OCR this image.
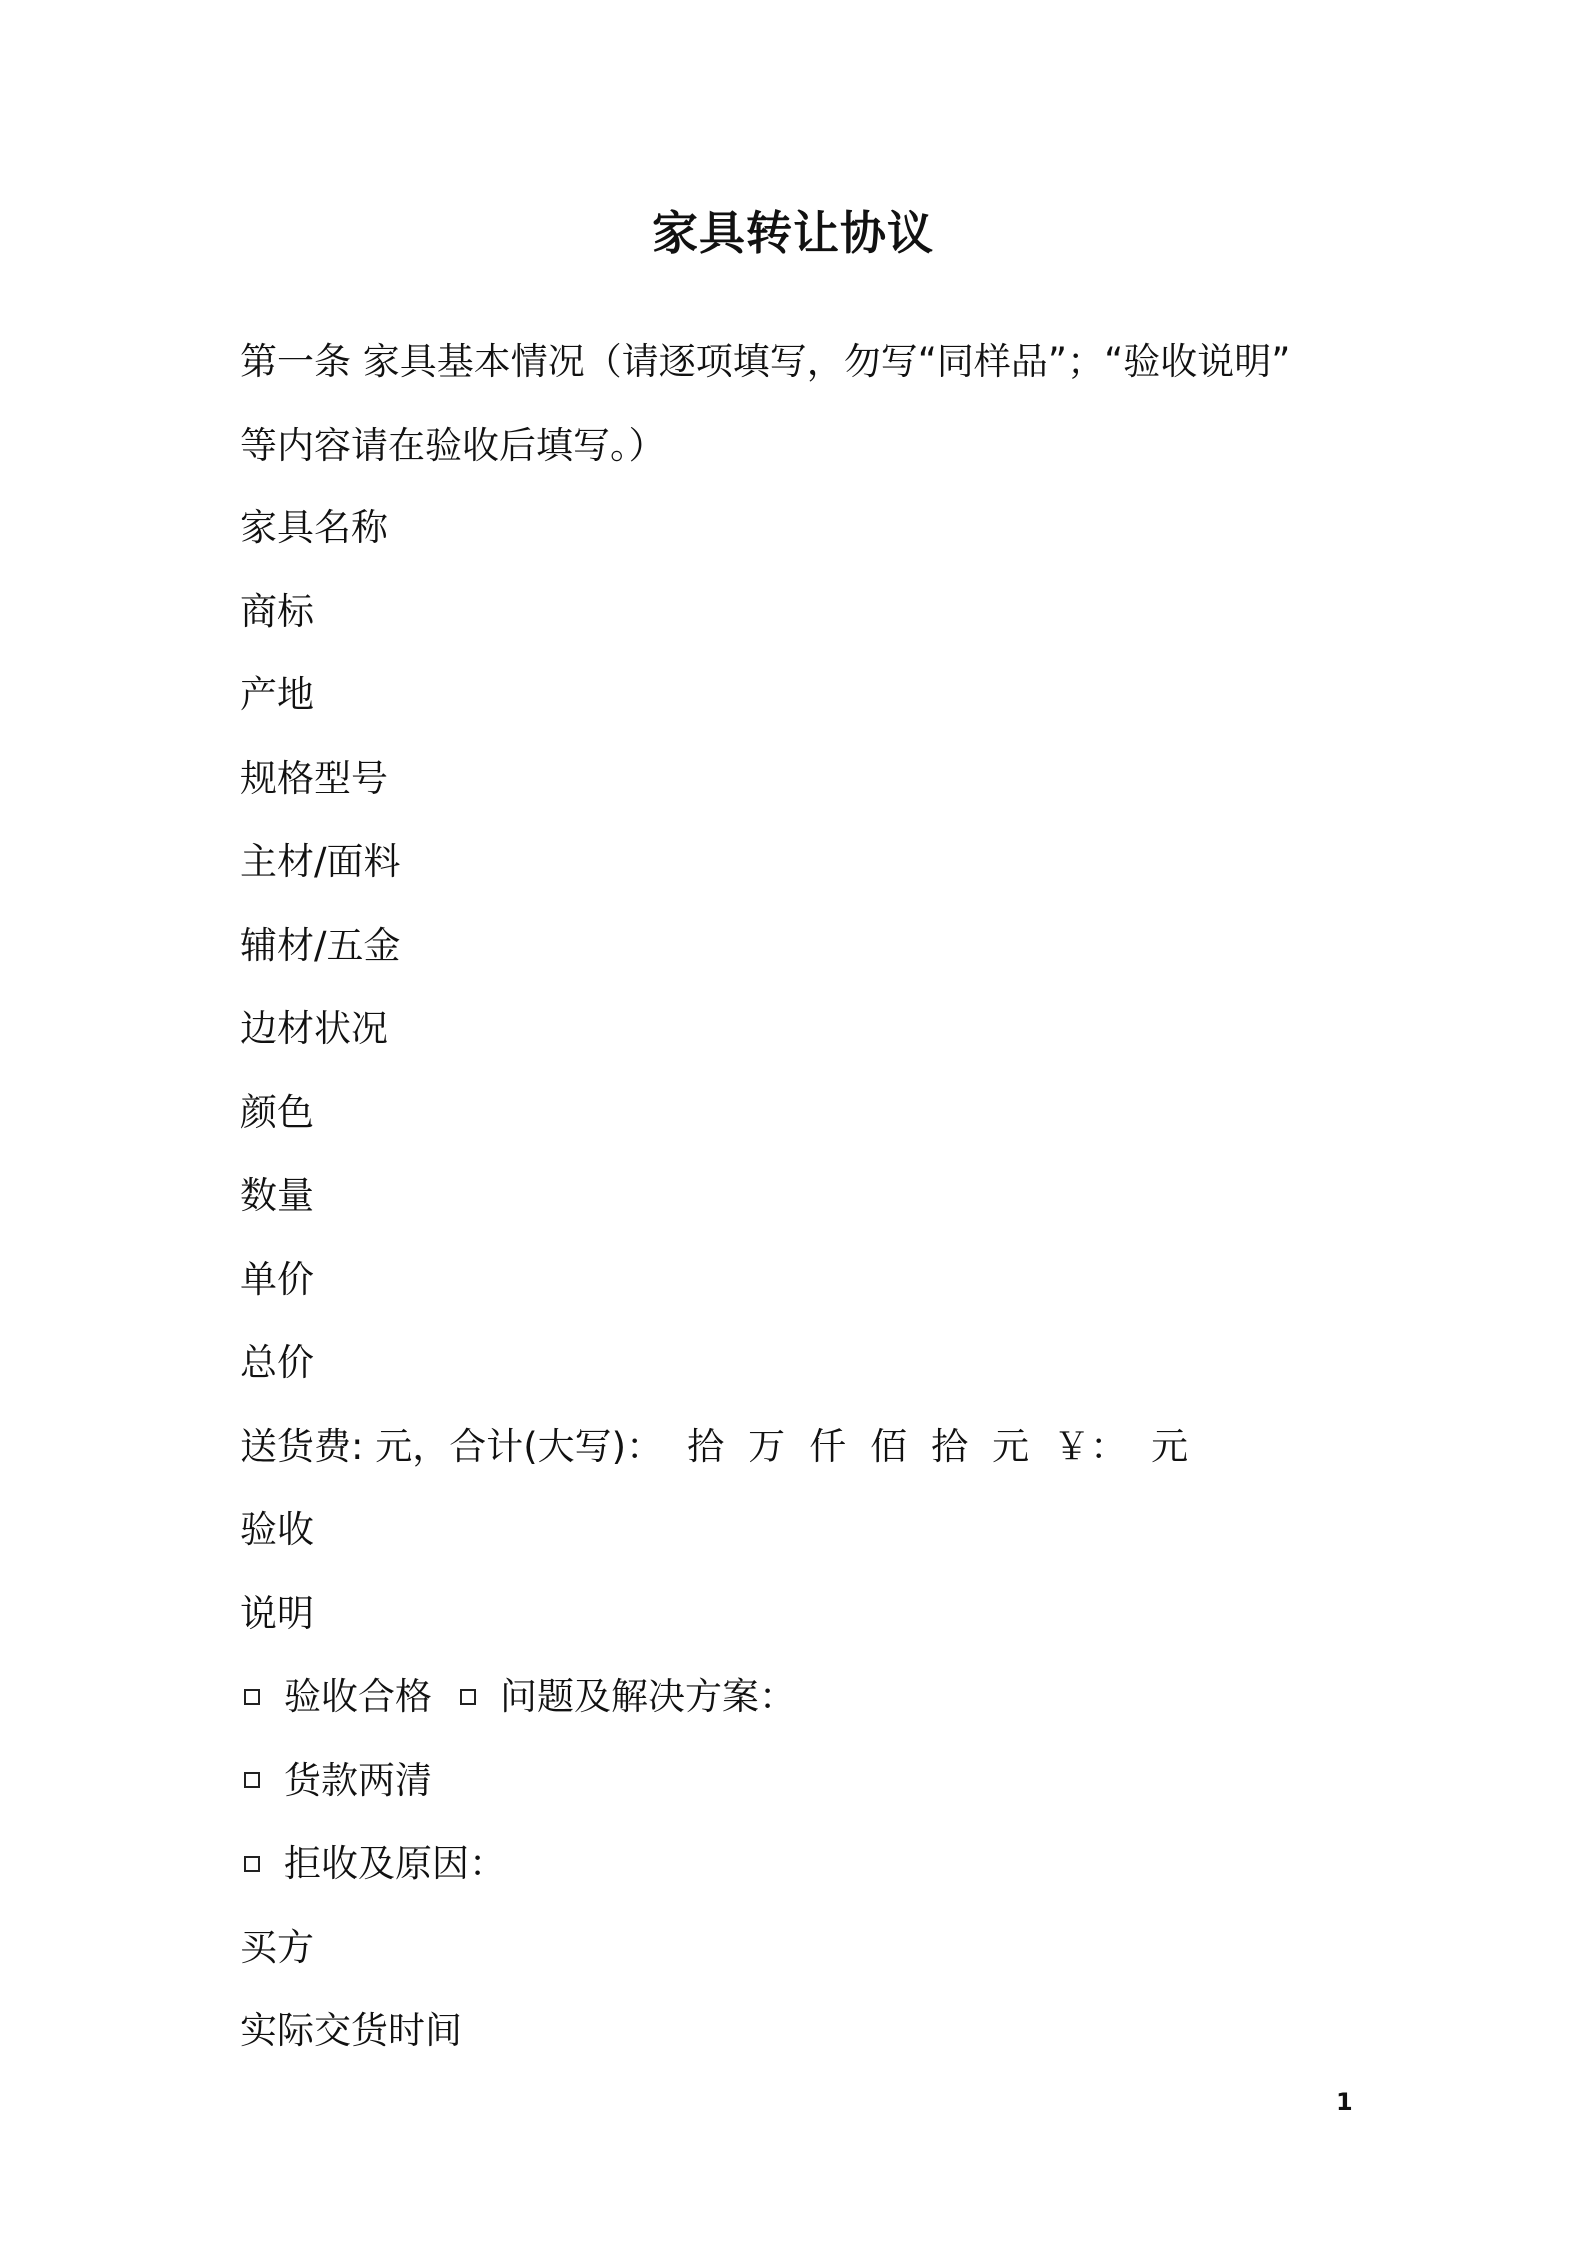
家具转让协议
第一条 家具基本情况（请逐项填写，勿写“同样品”；“验收说明”
等内容请在验收后填写。）
家具名称
商标
产地
规格型号
主材/面料
辅材/五金
边材状况
颜色
数量
单价
总价
送货费: 元，合计(大写)： 拾 万 仟 佰 拾 元 ￥： 元
验收
说明
验收合格 问题及解决方案：
货款两清
拒收及原因：
买方
实际交货时间
1
